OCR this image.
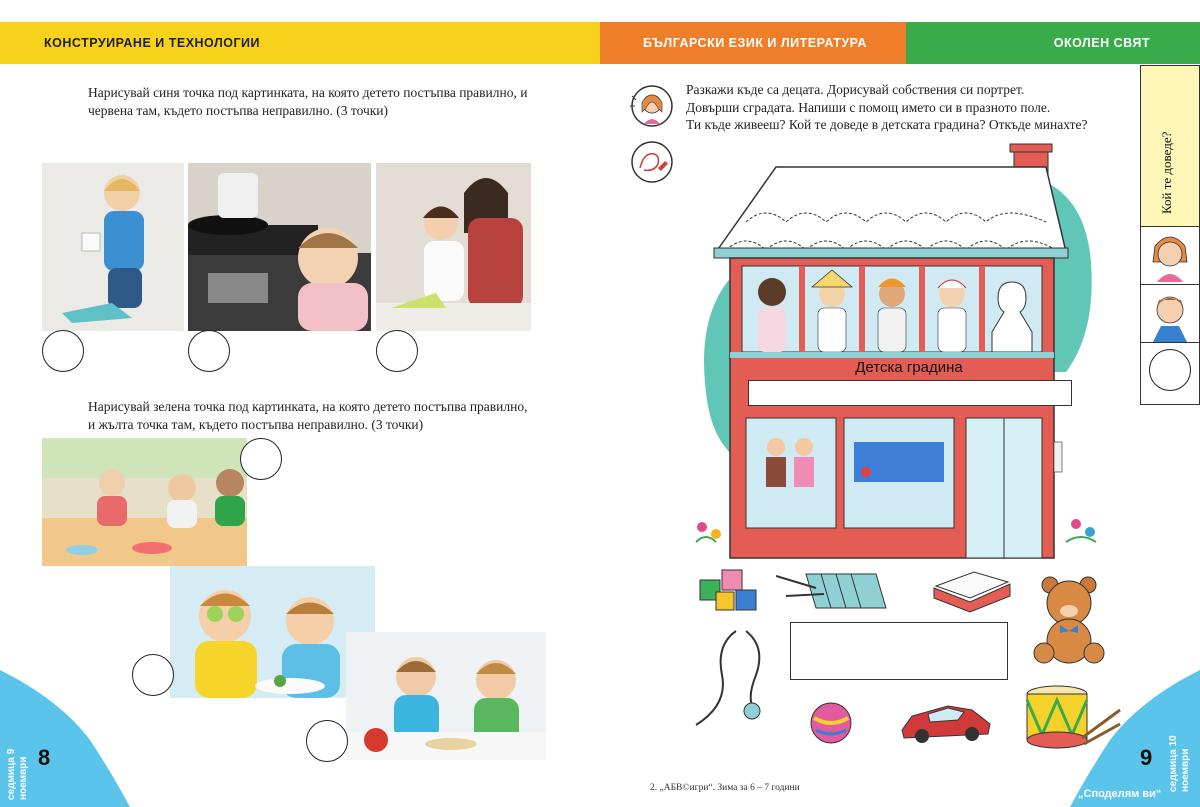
КОНСТРУИРАНЕ И ТЕХНОЛОГИИ	БЪЛГАРСКИ ЕЗИК И ЛИТЕРАТУРА	ОКОЛЕН СВЯТ
Нарисувай синя точка под картинката, на която детето постъпва правилно, и червена там, където постъпва неправилно. (3 точки)
Нарисувай зелена точка под картинката, на която детето постъпва правилно, и жълта точка там, където постъпва неправилно. (3 точки)
седмица 9 ноември 8
Разкажи къде са децата. Дорисувай собствения си портрет.
Довърши сградата. Напиши с помощ името си в празното поле.
Ти къде живееш? Кой те доведе в детската градина? Откъде минахте?
Детска градина
Кой те доведе?
9 седмица 10 ноември
„Споделям ви“
2. „АБВ©игри“. Зима за 6 – 7 години
